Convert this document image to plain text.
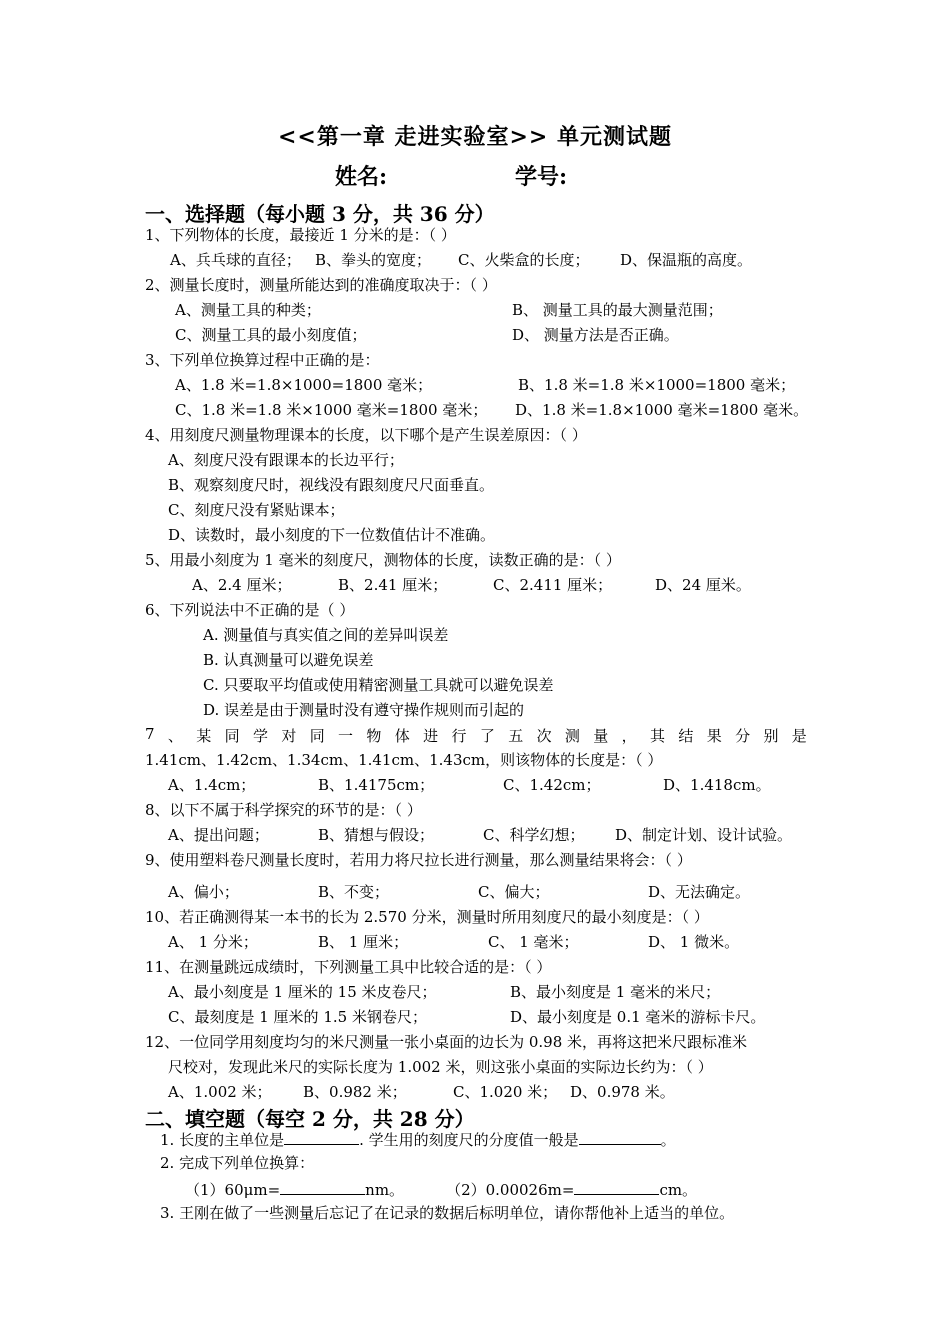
<<第一章 走进实验室>> 单元测试题
姓名:	学号:
一、选择题（每小题 3 分，共 36 分）
1、下列物体的长度，最接近 1 分米的是：（ ）
A、兵乓球的直径； B、拳头的宽度； C、火柴盒的长度； D、保温瓶的高度。
2、测量长度时，测量所能达到的准确度取决于：（ ）
A、测量工具的种类；	B、 测量工具的最大测量范围；
C、测量工具的最小刻度值；	D、 测量方法是否正确。
3、下列单位换算过程中正确的是：
A、1.8 米=1.8×1000=1800 毫米；	B、1.8 米=1.8 米×1000=1800 毫米；
C、1.8 米=1.8 米×1000 毫米=1800 毫米； D、1.8 米=1.8×1000 毫米=1800 毫米。
4、用刻度尺测量物理课本的长度，以下哪个是产生误差原因：（ ）
A、刻度尺没有跟课本的长边平行；
B、观察刻度尺时，视线没有跟刻度尺尺面垂直。
C、刻度尺没有紧贴课本；
D、读数时，最小刻度的下一位数值估计不准确。
5、用最小刻度为 1 毫米的刻度尺，测物体的长度，读数正确的是：（ ）
A、2.4 厘米；	B、2.41 厘米；	C、2.411 厘米；	D、24 厘米。
6、下列说法中不正确的是（ ）
A. 测量值与真实值之间的差异叫误差
B. 认真测量可以避免误差
C. 只要取平均值或使用精密测量工具就可以避免误差
D. 误差是由于测量时没有遵守操作规则而引起的
7 、 某 同 学 对 同 一 物 体 进 行 了 五 次 测 量 ， 其 结 果 分 别 是
1.41cm、1.42cm、1.34cm、1.41cm、1.43cm，则该物体的长度是：（ ）
A、1.4cm；	B、1.4175cm；	C、1.42cm；	D、1.418cm。
8、以下不属于科学探究的环节的是：（ ）
A、提出问题；	B、猜想与假设；	C、科学幻想； D、制定计划、设计试验。
9、使用塑料卷尺测量长度时，若用力将尺拉长进行测量，那么测量结果将会：（ ）
A、偏小；	B、不变；	C、偏大；	D、无法确定。
10、若正确测得某一本书的长为 2.570 分米，测量时所用刻度尺的最小刻度是：（ ）
A、 1 分米；	B、 1 厘米；	C、 1 毫米；	D、 1 微米。
11、在测量跳远成绩时，下列测量工具中比较合适的是：（ ）
A、最小刻度是 1 厘米的 15 米皮卷尺；	B、最小刻度是 1 毫米的米尺；
C、最刻度是 1 厘米的 1.5 米钢卷尺；	D、最小刻度是 0.1 毫米的游标卡尺。
12、一位同学用刻度均匀的米尺测量一张小桌面的边长为 0.98 米，再将这把米尺跟标准米
尺校对，发现此米尺的实际长度为 1.002 米，则这张小桌面的实际边长约为：（ ）
A、1.002 米； B、0.982 米；	C、1.020 米； D、0.978 米。
二、填空题（每空 2 分，共 28 分）
1. 长度的主单位是	. 学生用的刻度尺的分度值一般是	。
2. 完成下列单位换算：
（1）60μm=	nm。	（2）0.00026m=	cm。
3. 王刚在做了一些测量后忘记了在记录的数据后标明单位，请你帮他补上适当的单位。
